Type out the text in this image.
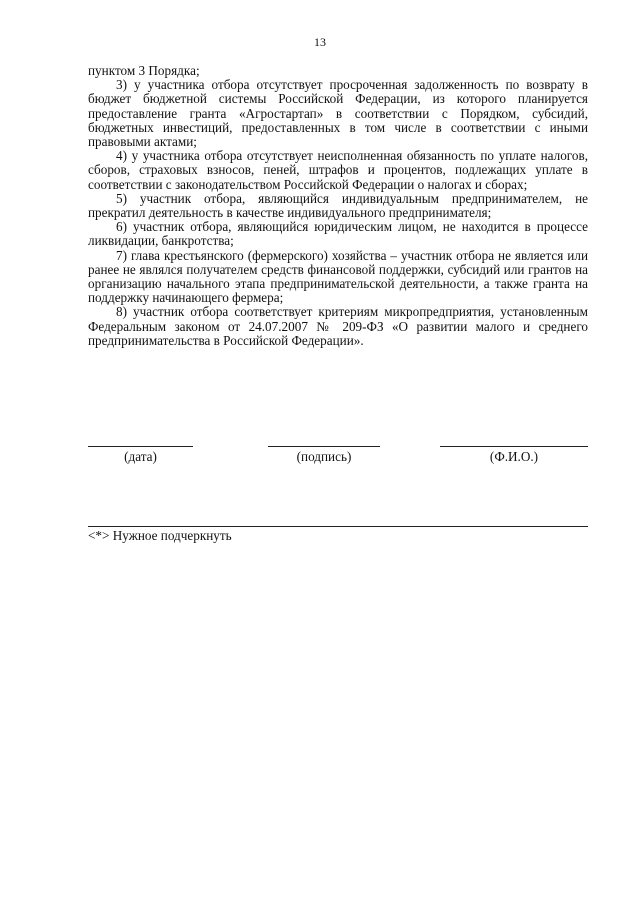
13

пунктом 3 Порядка;

3) у участника отбора отсутствует просроченная задолженность по возврату в бюджет бюджетной системы Российской Федерации, из которого планируется предоставление гранта «Агростартап» в соответствии с Порядком, субсидий, бюджетных инвестиций, предоставленных в том числе в соответствии с иными правовыми актами;

4) у участника отбора отсутствует неисполненная обязанность по уплате налогов, сборов, страховых взносов, пеней, штрафов и процентов, подлежащих уплате в соответствии с законодательством Российской Федерации о налогах и сборах;

5) участник отбора, являющийся индивидуальным предпринимателем, не прекратил деятельность в качестве индивидуального предпринимателя;

6) участник отбора, являющийся юридическим лицом, не находится в процессе ликвидации, банкротства;

7) глава крестьянского (фермерского) хозяйства – участник отбора не является или ранее не являлся получателем средств финансовой поддержки, субсидий или грантов на организацию начального этапа предпринимательской деятельности, а также гранта на поддержку начинающего фермера;

8) участник отбора соответствует критериям микропредприятия, установленным Федеральным законом от 24.07.2007 № 209-ФЗ «О развитии малого и среднего предпринимательства в Российской Федерации».

(дата)	(подпись)	(Ф.И.О.)
<*> Нужное подчеркнуть
